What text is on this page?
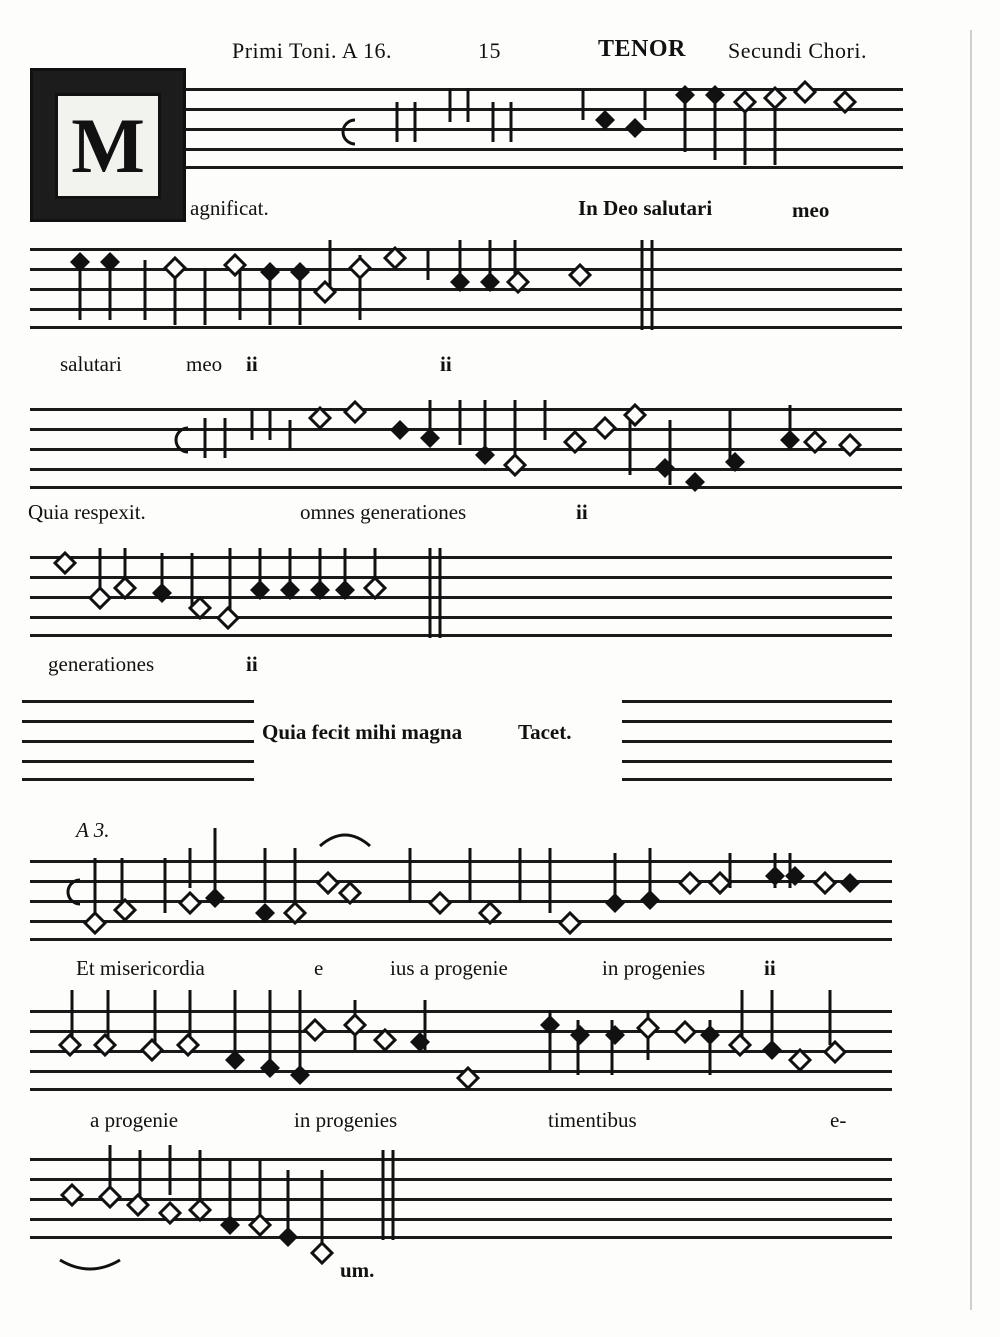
Primi Toni. A 16.	15	TENOR Secundi Chori.
M
agnificat.	In Deo salutari	meo
salutari	meo ii	ii
Quia respexit.	omnes generationes	ii
generationes	ii
Quia fecit mihi magna	Tacet.
A 3.
Et misericordia	e	ius a progenie	in progenies	ii
a progenie	in progenies	timentibus	e-
um.
